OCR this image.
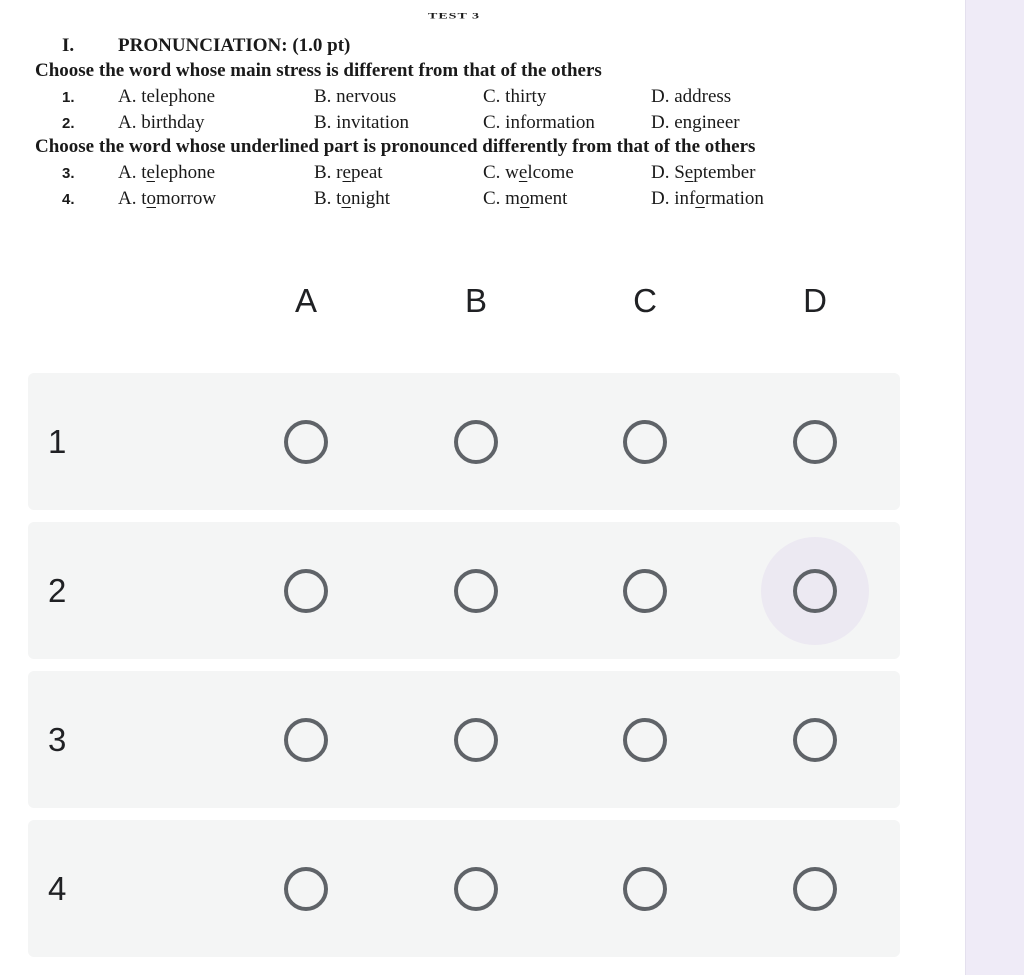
TEST 3
I. PRONUNCIATION: (1.0 pt)
Choose the word whose main stress is different from that of the others
1. A. telephone	B. nervous	C. thirty	D. address
2. A. birthday	B. invitation	C. information	D. engineer
Choose the word whose underlined part is pronounced differently from that of the others
3. A. telephone	B. repeat	C. welcome	D. September
4. A. tomorrow	B. tonight	C. moment	D. information
A	B	C	D
1
2
3
4
